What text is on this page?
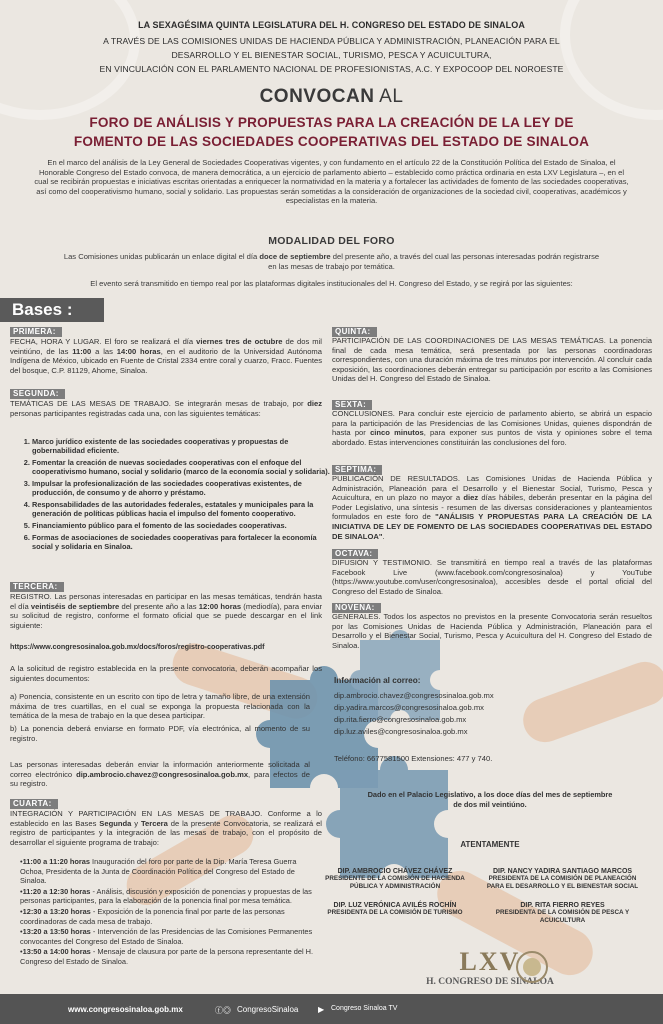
LA SEXAGÉSIMA QUINTA LEGISLATURA DEL H. CONGRESO DEL ESTADO DE SINALOA
A TRAVÉS DE LAS COMISIONES UNIDAS DE HACIENDA PÚBLICA Y ADMINISTRACIÓN, PLANEACIÓN PARA EL
DESARROLLO Y EL BIENESTAR SOCIAL, TURISMO, PESCA Y ACUICULTURA,
EN VINCULACIÓN CON EL PARLAMENTO NACIONAL DE PROFESIONISTAS, A.C. Y EXPOCOOP DEL NOROESTE
CONVOCAN AL
FORO DE ANÁLISIS Y PROPUESTAS PARA LA CREACIÓN DE LA LEY DE
FOMENTO DE LAS SOCIEDADES COOPERATIVAS DEL ESTADO DE SINALOA
En el marco del análisis de la Ley General de Sociedades Cooperativas vigentes, y con fundamento en el artículo 22 de la Constitución Política del Estado de Sinaloa, el Honorable Congreso del Estado convoca, de manera democrática, a un ejercicio de parlamento abierto – establecido como práctica ordinaria en esta LXV Legislatura –, en el cual se recibirán propuestas e iniciativas escritas orientadas a enriquecer la normatividad en la materia y a fortalecer las actividades de fomento de las sociedades cooperativas, así como del cooperativismo humano, social y solidario. Las propuestas serán sometidas a la consideración de organizaciones de la sociedad civil, cooperativas, académicos y especialistas en la materia.
MODALIDAD DEL FORO
Las Comisiones unidas publicarán un enlace digital el día doce de septiembre del presente año, a través del cual las personas interesadas podrán registrarse en las mesas de trabajo por temática.
El evento será transmitido en tiempo real por las plataformas digitales institucionales del H. Congreso del Estado, y se regirá por las siguientes:
Bases :
PRIMERA:
FECHA, HORA Y LUGAR. El foro se realizará el día viernes tres de octubre de dos mil veintiúno, de las 11:00 a las 14:00 horas, en el auditorio de la Universidad Autónoma Indígena de México, ubicado en Fuente de Cristal 2334 entre coral y cuarzo, Fracc. Fuentes del bosque, C.P. 81129, Ahome, Sinaloa.
SEGUNDA:
TEMÁTICAS DE LAS MESAS DE TRABAJO. Se integrarán mesas de trabajo, por diez personas participantes registradas cada una, con las siguientes temáticas:
1. Marco jurídico existente de las sociedades cooperativas y propuestas de gobernabilidad eficiente.
2. Fomentar la creación de nuevas sociedades cooperativas con el enfoque del cooperativismo humano, social y solidario (marco de la economía social y solidaria).
3. Impulsar la profesionalización de las sociedades cooperativas existentes, de producción, de consumo y de ahorro y préstamo.
4. Responsabilidades de las autoridades federales, estatales y municipales para la generación de políticas públicas hacia el impulso del fomento cooperativo.
5. Financiamiento público para el fomento de las sociedades cooperativas.
6. Formas de asociaciones de sociedades cooperativas para fortalecer la economía social y solidaria en Sinaloa.
TERCERA:
REGISTRO. Las personas interesadas en participar en las mesas temáticas, tendrán hasta el día veintiséis de septiembre del presente año a las 12:00 horas (mediodía), para enviar su solicitud de registro, conforme el formato oficial que se puede descargar en el link siguiente:
https://www.congresosinaloa.gob.mx/docs/foros/registro-cooperativas.pdf
A la solicitud de registro establecida en la presente convocatoria, deberán acompañar los siguientes documentos:
a) Ponencia, consistente en un escrito con tipo de letra y tamaño libre, de una extensión máxima de tres cuartillas, en el cual se exponga la propuesta relacionada con la temática de la mesa de trabajo en la que desea participar.
b) La ponencia deberá enviarse en formato PDF, vía electrónica, al momento de su registro.
Las personas interesadas deberán enviar la información anteriormente solicitada al correo electrónico dip.ambrocio.chavez@congresosinaloa.gob.mx, para efectos de su registro.
CUARTA:
INTEGRACIÓN Y PARTICIPACIÓN EN LAS MESAS DE TRABAJO. Conforme a lo establecido en las Bases Segunda y Tercera de la presente Convocatoria, se realizará el registro de participantes y la integración de las mesas de trabajo, con el propósito de desarrollar el siguiente programa de trabajo:
•11:00 a 11:20 horas Inauguración del foro por parte de la Dip. María Teresa Guerra Ochoa, Presidenta de la Junta de Coordinación Política del Congreso del Estado de Sinaloa.
•11:20 a 12:30 horas - Análisis, discusión y exposición de ponencias y propuestas de las personas participantes, para la elaboración de la ponencia final por mesa temática.
•12:30 a 13:20 horas - Exposición de la ponencia final por parte de las personas coordinadoras de cada mesa de trabajo.
•13:20 a 13:50 horas - Intervención de las Presidencias de las Comisiones Permanentes convocantes del Congreso del Estado de Sinaloa.
•13:50 a 14:00 horas - Mensaje de clausura por parte de la persona representante del H. Congreso del Estado de Sinaloa.
QUINTA:
PARTICIPACIÓN DE LAS COORDINACIONES DE LAS MESAS TEMÁTICAS. La ponencia final de cada mesa temática, será presentada por las personas coordinadoras correspondientes, con una duración máxima de tres minutos por intervención. Al concluir cada exposición, las coordinaciones deberán entregar su participación por escrito a las Comisiones Unidas del H. Congreso del Estado de Sinaloa.
SEXTA:
CONCLUSIONES. Para concluir este ejercicio de parlamento abierto, se abrirá un espacio para la participación de las Presidencias de las Comisiones Unidas, quienes dispondrán de hasta por cinco minutos, para exponer sus puntos de vista y opiniones sobre el tema abordado. Estas intervenciones constituirán las conclusiones del foro.
SEPTIMA:
PUBLICACIÓN DE RESULTADOS. Las Comisiones Unidas de Hacienda Pública y Administración, Planeación para el Desarrollo y el Bienestar Social, Turismo, Pesca y Acuicultura, en un plazo no mayor a diez días hábiles, deberán presentar en la página del Poder Legislativo, una síntesis - resumen de las diversas consideraciones y planteamientos formulados en este foro de "ANÁLISIS Y PROPUESTAS PARA LA CREACIÓN DE LA INICIATIVA DE LEY DE FOMENTO DE LAS SOCIEDADES COOPERATIVAS DEL ESTADO DE SINALOA".
OCTAVA:
DIFUSIÓN Y TESTIMONIO. Se transmitirá en tiempo real a través de las plataformas Facebook Live (www.facebook.com/congresosinaloa) y YouTube (https://www.youtube.com/user/congresosinaloa), accesibles desde el portal oficial del Congreso del Estado de Sinaloa.
NOVENA:
GENERALES. Todos los aspectos no previstos en la presente Convocatoria serán resueltos por las Comisiones Unidas de Hacienda Pública y Administración, Planeación para el Desarrollo y el Bienestar Social, Turismo, Pesca y Acuicultura del H. Congreso del Estado de Sinaloa.
Información al correo:
dip.ambrocio.chavez@congresosinaloa.gob.mx
dip.yadira.marcos@congresosinaloa.gob.mx
dip.rita.fierro@congresosinaloa.gob.mx
dip.luz.aviles@congresosinaloa.gob.mx
Teléfono: 6677581500 Extensiones: 477 y 740.
Dado en el Palacio Legislativo, a los doce días del mes de septiembre
de dos mil veintiúno.
ATENTAMENTE
DIP. AMBROCIO CHÁVEZ CHÁVEZ
PRESIDENTE DE LA COMISIÓN DE HACIENDA PÚBLICA Y ADMINISTRACIÓN
DIP. NANCY YADIRA SANTIAGO MARCOS
PRESIDENTA DE LA COMISIÓN DE PLANEACIÓN PARA EL DESARROLLO Y EL BIENESTAR SOCIAL
DIP. LUZ VERÓNICA AVILÉS ROCHÍN
PRESIDENTA DE LA COMISIÓN DE TURISMO
DIP. RITA FIERRO REYES
PRESIDENTA DE LA COMISIÓN DE PESCA Y ACUICULTURA
LXV
H. CONGRESO DE SINALOA
www.congresosinaloa.gob.mx	ⓕ◎ CongresoSinaloa ▶ Congreso Sinaloa TV
